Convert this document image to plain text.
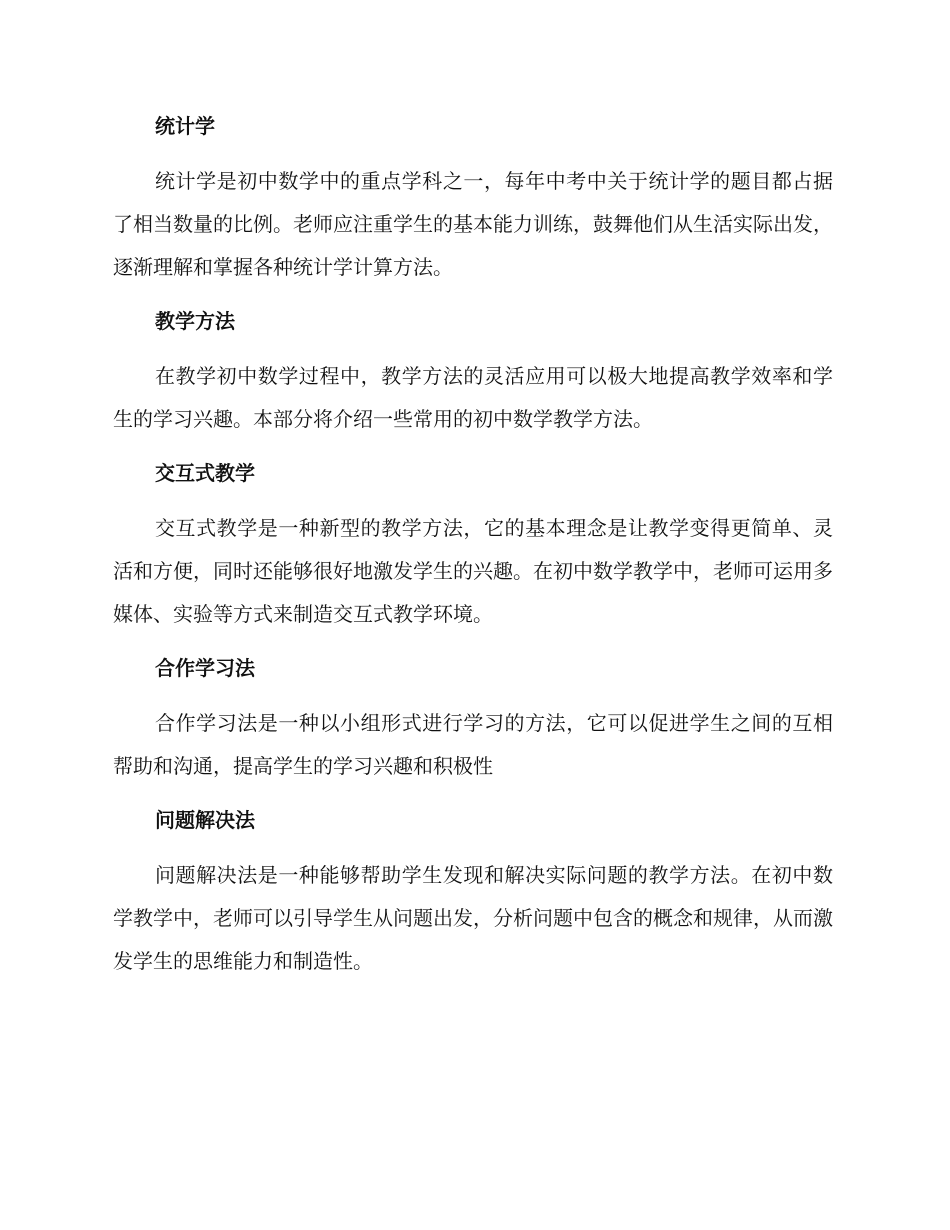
统计学
统计学是初中数学中的重点学科之一，每年中考中关于统计学的题目都占据了相当数量的比例。老师应注重学生的基本能力训练，鼓舞他们从生活实际出发，逐渐理解和掌握各种统计学计算方法。
教学方法
在教学初中数学过程中，教学方法的灵活应用可以极大地提高教学效率和学生的学习兴趣。本部分将介绍一些常用的初中数学教学方法。
交互式教学
交互式教学是一种新型的教学方法，它的基本理念是让教学变得更简单、灵活和方便，同时还能够很好地激发学生的兴趣。在初中数学教学中，老师可运用多媒体、实验等方式来制造交互式教学环境。
合作学习法
合作学习法是一种以小组形式进行学习的方法，它可以促进学生之间的互相帮助和沟通，提高学生的学习兴趣和积极性
问题解决法
问题解决法是一种能够帮助学生发现和解决实际问题的教学方法。在初中数学教学中，老师可以引导学生从问题出发，分析问题中包含的概念和规律，从而激发学生的思维能力和制造性。
